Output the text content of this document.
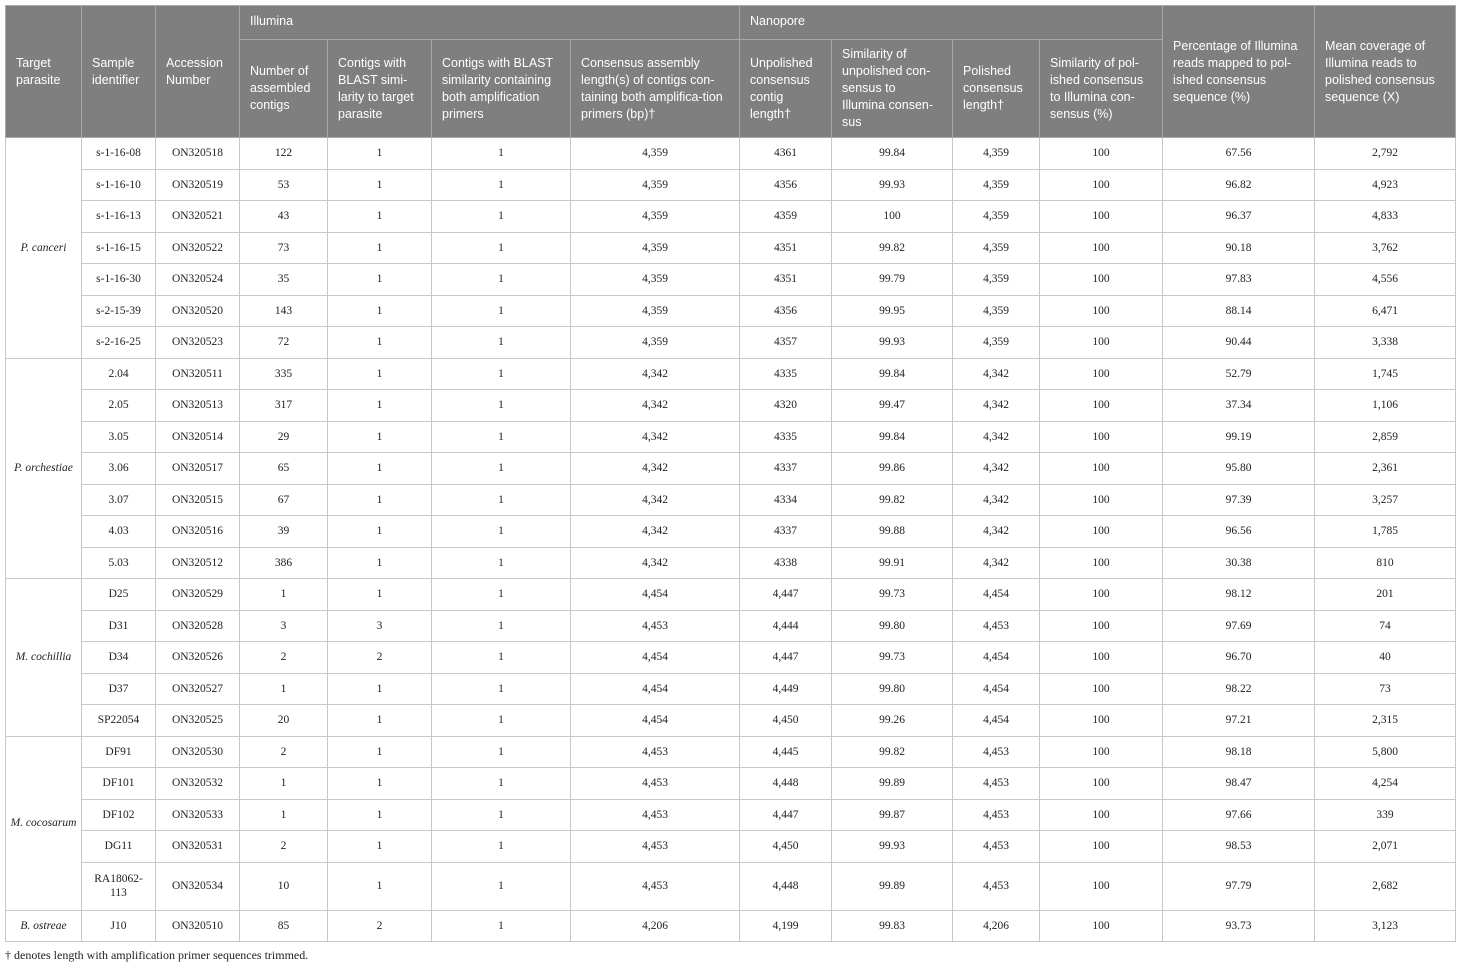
Target parasite	Sample identifier	Accession Number	Illumina				Nanopore				Percentage of Illumina reads mapped to pol-ished consensus sequence (%)	Mean coverage of Illumina reads to polished consensus sequence (X)
			Number of assembled contigs	Contigs with BLAST simi-larity to target parasite	Contigs with BLAST similarity containing both amplification primers	Consensus assembly length(s) of contigs con-taining both amplifica-tion primers (bp)†	Unpolished consensus contig length†	Similarity of unpolished con-sensus to Illumina consen-sus	Polished consensus length†	Similarity of pol-ished consensus to Illumina con-sensus (%)		
P. canceri	s-1-16-08	ON320518	122	1	1	4,359	4361	99.84	4,359	100	67.56	2,792
	s-1-16-10	ON320519	53	1	1	4,359	4356	99.93	4,359	100	96.82	4,923
	s-1-16-13	ON320521	43	1	1	4,359	4359	100	4,359	100	96.37	4,833
	s-1-16-15	ON320522	73	1	1	4,359	4351	99.82	4,359	100	90.18	3,762
	s-1-16-30	ON320524	35	1	1	4,359	4351	99.79	4,359	100	97.83	4,556
	s-2-15-39	ON320520	143	1	1	4,359	4356	99.95	4,359	100	88.14	6,471
	s-2-16-25	ON320523	72	1	1	4,359	4357	99.93	4,359	100	90.44	3,338
P. orchestiae	2.04	ON320511	335	1	1	4,342	4335	99.84	4,342	100	52.79	1,745
	2.05	ON320513	317	1	1	4,342	4320	99.47	4,342	100	37.34	1,106
	3.05	ON320514	29	1	1	4,342	4335	99.84	4,342	100	99.19	2,859
	3.06	ON320517	65	1	1	4,342	4337	99.86	4,342	100	95.80	2,361
	3.07	ON320515	67	1	1	4,342	4334	99.82	4,342	100	97.39	3,257
	4.03	ON320516	39	1	1	4,342	4337	99.88	4,342	100	96.56	1,785
	5.03	ON320512	386	1	1	4,342	4338	99.91	4,342	100	30.38	810
M. cochillia	D25	ON320529	1	1	1	4,454	4,447	99.73	4,454	100	98.12	201
	D31	ON320528	3	3	1	4,453	4,444	99.80	4,453	100	97.69	74
	D34	ON320526	2	2	1	4,454	4,447	99.73	4,454	100	96.70	40
	D37	ON320527	1	1	1	4,454	4,449	99.80	4,454	100	98.22	73
	SP22054	ON320525	20	1	1	4,454	4,450	99.26	4,454	100	97.21	2,315
M. cocosarum	DF91	ON320530	2	1	1	4,453	4,445	99.82	4,453	100	98.18	5,800
	DF101	ON320532	1	1	1	4,453	4,448	99.89	4,453	100	98.47	4,254
	DF102	ON320533	1	1	1	4,453	4,447	99.87	4,453	100	97.66	339
	DG11	ON320531	2	1	1	4,453	4,450	99.93	4,453	100	98.53	2,071
	RA18062-113	ON320534	10	1	1	4,453	4,448	99.89	4,453	100	97.79	2,682
B. ostreae	J10	ON320510	85	2	1	4,206	4,199	99.83	4,206	100	93.73	3,123
† denotes length with amplification primer sequences trimmed.
